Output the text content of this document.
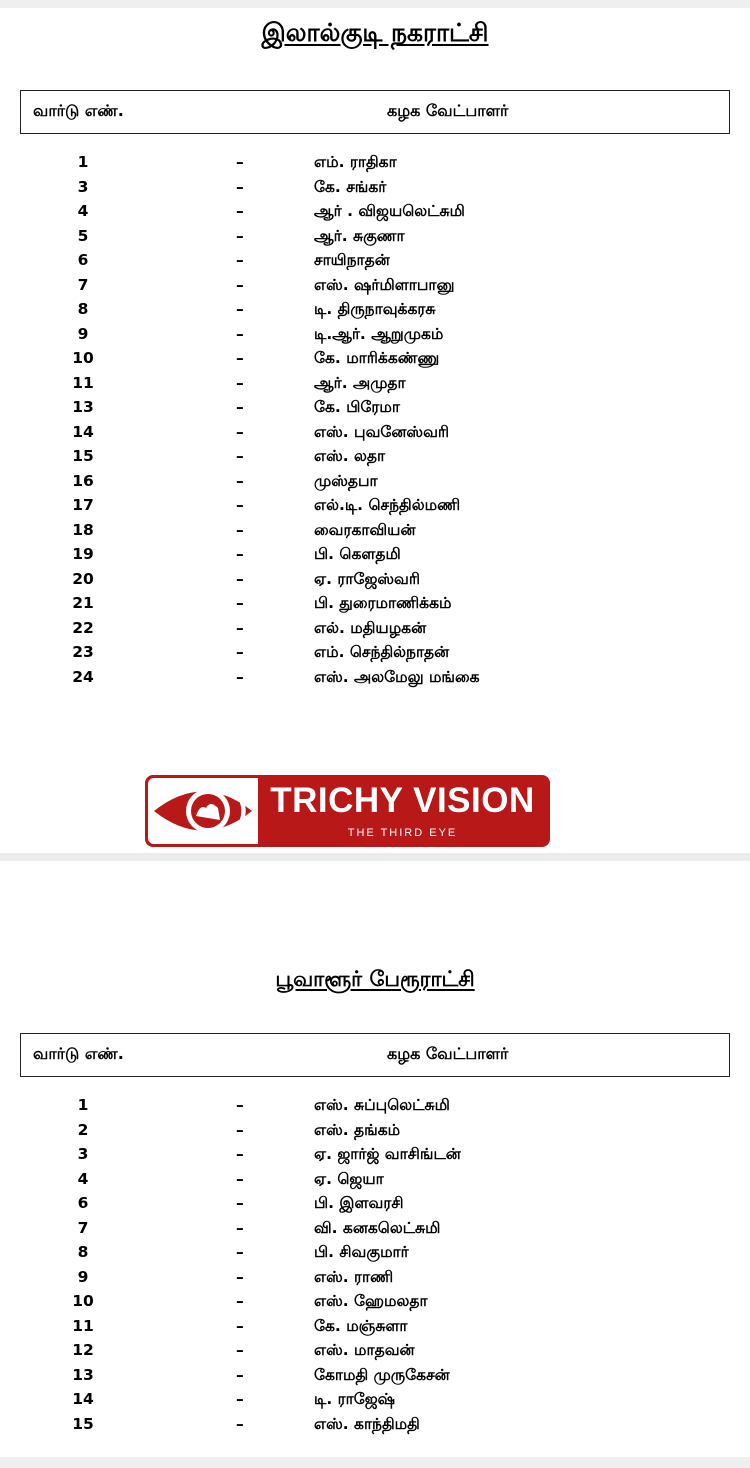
இலால்குடி நகராட்சி
வார்டு எண்.	கழக வேட்பாளர்
1	–	எம். ராதிகா
3	–	கே. சங்கர்
4	–	ஆர் . விஜயலெட்சுமி
5	–	ஆர். சுகுணா
6	–	சாயிநாதன்
7	–	எஸ். ஷர்மிளாபானு
8	–	டி. திருநாவுக்கரசு
9	–	டி.ஆர். ஆறுமுகம்
10	–	கே. மாரிக்கண்ணு
11	–	ஆர். அமுதா
13	–	கே. பிரேமா
14	–	எஸ். புவனேஸ்வரி
15	–	எஸ். லதா
16	–	முஸ்தபா
17	–	எல்.டி. செந்தில்மணி
18	–	வைரகாவியன்
19	–	பி. கௌதமி
20	–	ஏ. ராஜேஸ்வரி
21	–	பி. துரைமாணிக்கம்
22	–	எல். மதியழகன்
23	–	எம். செந்தில்நாதன்
24	–	எஸ். அலமேலு மங்கை
TRICHY VISION
THE THIRD EYE
பூவாளூர் பேரூராட்சி
வார்டு எண்.	கழக வேட்பாளர்
1	–	எஸ். சுப்புலெட்சுமி
2	–	எஸ். தங்கம்
3	–	ஏ. ஜார்ஜ் வாசிங்டன்
4	–	ஏ. ஜெயா
6	–	பி. இளவரசி
7	–	வி. கனகலெட்சுமி
8	–	பி. சிவகுமார்
9	–	எஸ். ராணி
10	–	எஸ். ஹேமலதா
11	–	கே. மஞ்சுளா
12	–	எஸ். மாதவன்
13	–	கோமதி முருகேசன்
14	–	டி. ராஜேஷ்
15	–	எஸ். காந்திமதி
